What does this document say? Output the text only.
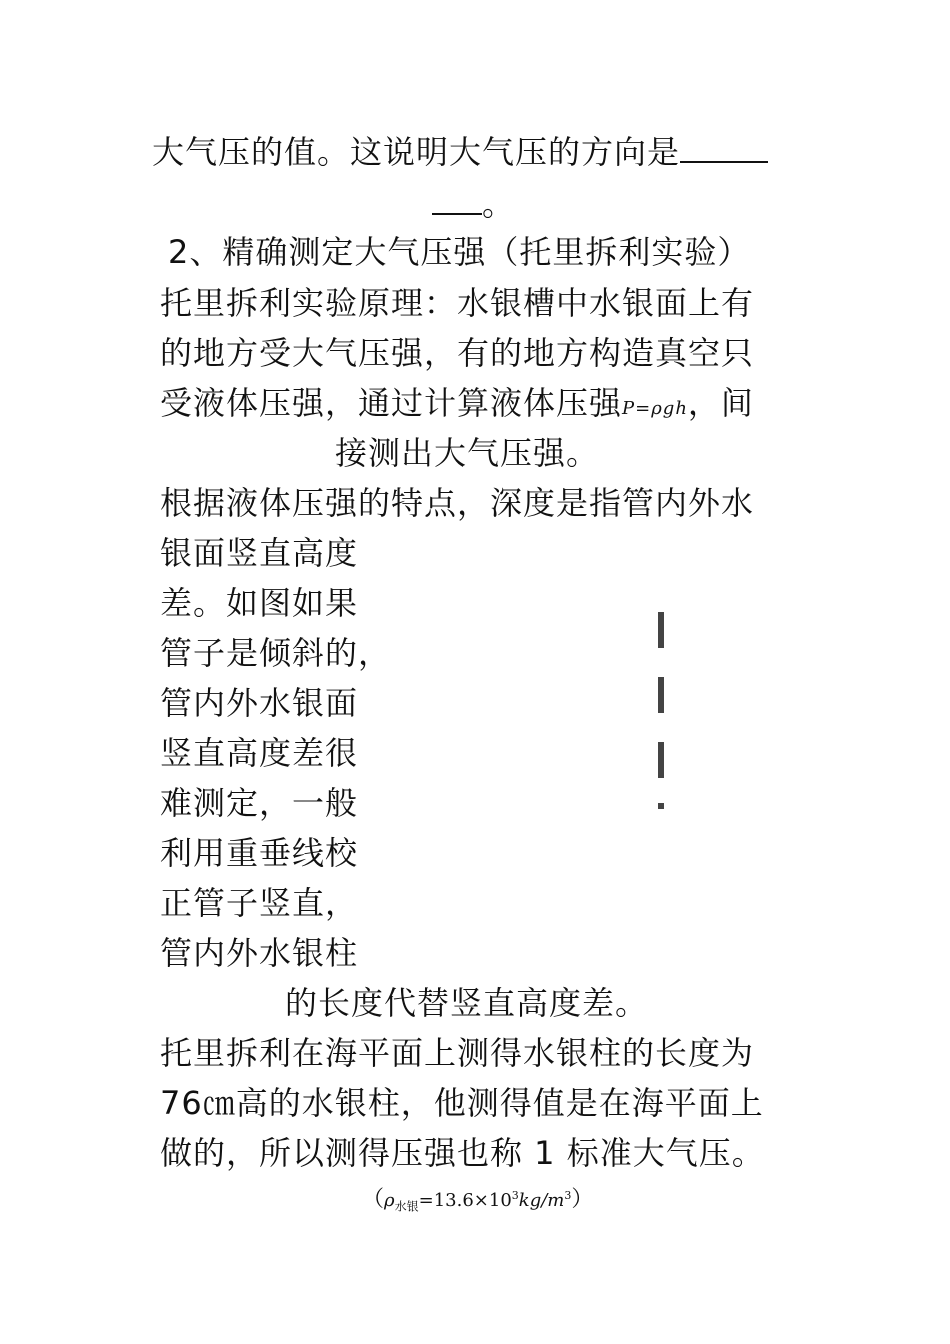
大气压的值。这说明大气压的方向是
。
2、精确测定大气压强（托里拆利实验）
托里拆利实验原理：水银槽中水银面上有
的地方受大气压强，有的地方构造真空只
受液体压强，通过计算液体压强P=ρgh，间
接测出大气压强。
根据液体压强的特点，深度是指管内外水
银面竖直高度
差。如图如果
管子是倾斜的，
管内外水银面
竖直高度差很
难测定，一般
利用重垂线校
正管子竖直，
管内外水银柱
的长度代替竖直高度差。
托里拆利在海平面上测得水银柱的长度为
76㎝高的水银柱，他测得值是在海平面上
做的，所以测得压强也称 1 标准大气压。
$(\rho_{水银}=13.6\times 10^3kg/m^3)$
